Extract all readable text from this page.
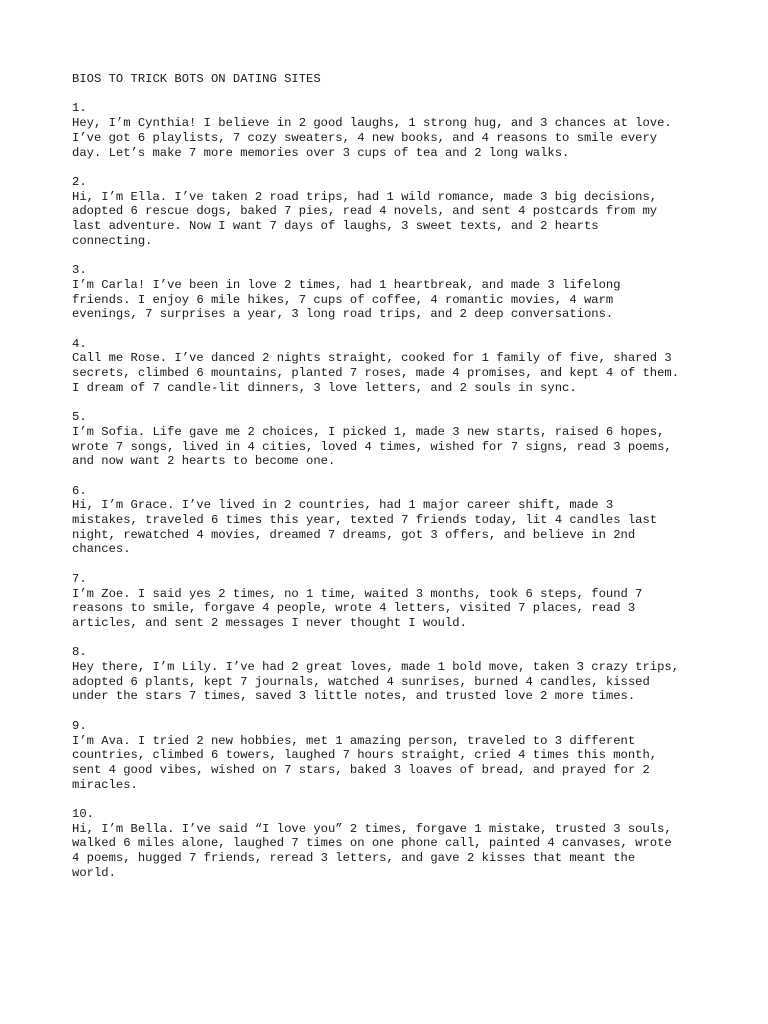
BIOS TO TRICK BOTS ON DATING SITES
1.
Hey, I’m Cynthia! I believe in 2 good laughs, 1 strong hug, and 3 chances at love.
I’ve got 6 playlists, 7 cozy sweaters, 4 new books, and 4 reasons to smile every
day. Let’s make 7 more memories over 3 cups of tea and 2 long walks.
2.
Hi, I’m Ella. I’ve taken 2 road trips, had 1 wild romance, made 3 big decisions,
adopted 6 rescue dogs, baked 7 pies, read 4 novels, and sent 4 postcards from my
last adventure. Now I want 7 days of laughs, 3 sweet texts, and 2 hearts
connecting.
3.
I’m Carla! I’ve been in love 2 times, had 1 heartbreak, and made 3 lifelong
friends. I enjoy 6 mile hikes, 7 cups of coffee, 4 romantic movies, 4 warm
evenings, 7 surprises a year, 3 long road trips, and 2 deep conversations.
4.
Call me Rose. I’ve danced 2 nights straight, cooked for 1 family of five, shared 3
secrets, climbed 6 mountains, planted 7 roses, made 4 promises, and kept 4 of them.
I dream of 7 candle-lit dinners, 3 love letters, and 2 souls in sync.
5.
I’m Sofia. Life gave me 2 choices, I picked 1, made 3 new starts, raised 6 hopes,
wrote 7 songs, lived in 4 cities, loved 4 times, wished for 7 signs, read 3 poems,
and now want 2 hearts to become one.
6.
Hi, I’m Grace. I’ve lived in 2 countries, had 1 major career shift, made 3
mistakes, traveled 6 times this year, texted 7 friends today, lit 4 candles last
night, rewatched 4 movies, dreamed 7 dreams, got 3 offers, and believe in 2nd
chances.
7.
I’m Zoe. I said yes 2 times, no 1 time, waited 3 months, took 6 steps, found 7
reasons to smile, forgave 4 people, wrote 4 letters, visited 7 places, read 3
articles, and sent 2 messages I never thought I would.
8.
Hey there, I’m Lily. I’ve had 2 great loves, made 1 bold move, taken 3 crazy trips,
adopted 6 plants, kept 7 journals, watched 4 sunrises, burned 4 candles, kissed
under the stars 7 times, saved 3 little notes, and trusted love 2 more times.
9.
I’m Ava. I tried 2 new hobbies, met 1 amazing person, traveled to 3 different
countries, climbed 6 towers, laughed 7 hours straight, cried 4 times this month,
sent 4 good vibes, wished on 7 stars, baked 3 loaves of bread, and prayed for 2
miracles.
10.
Hi, I’m Bella. I’ve said “I love you” 2 times, forgave 1 mistake, trusted 3 souls,
walked 6 miles alone, laughed 7 times on one phone call, painted 4 canvases, wrote
4 poems, hugged 7 friends, reread 3 letters, and gave 2 kisses that meant the
world.
